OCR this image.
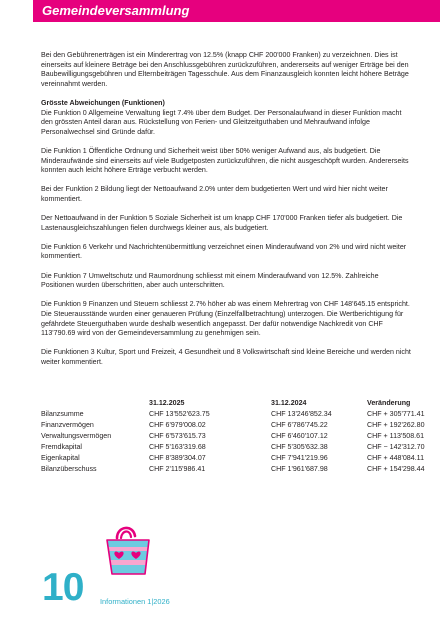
Gemeindeversammlung

Bei den Gebührenerträgen ist ein Minderertrag von 12.5% (knapp CHF 200'000 Franken) zu verzeichnen. Dies ist einerseits auf kleinere Beträge bei den Anschlussgebühren zurückzuführen, andererseits auf weniger Erträge bei den Baubewilligungsgebühren und Elternbeiträgen Tagesschule. Aus dem Finanzausgleich konnten leicht höhere Beträge vereinnahmt werden.

Grösste Abweichungen (Funktionen)

Die Funktion 0 Allgemeine Verwaltung liegt 7.4% über dem Budget. Der Personalaufwand in dieser Funktion macht den grössten Anteil daran aus. Rückstellung von Ferien- und Gleitzeitguthaben und Mehraufwand infolge Personalwechsel sind Gründe dafür.

Die Funktion 1 Öffentliche Ordnung und Sicherheit weist über 50% weniger Aufwand aus, als budgetiert. Die Minderaufwände sind einerseits auf viele Budgetposten zurückzuführen, die nicht ausgeschöpft wurden. Andererseits konnten auch leicht höhere Erträge verbucht werden.

Bei der Funktion 2 Bildung liegt der Nettoaufwand 2.0% unter dem budgetierten Wert und wird hier nicht weiter kommentiert.

Der Nettoaufwand in der Funktion 5 Soziale Sicherheit ist um knapp CHF 170'000 Franken tiefer als budgetiert. Die Lastenausgleichszahlungen fielen durchwegs kleiner aus, als budgetiert.

Die Funktion 6 Verkehr und Nachrichtenübermittlung verzeichnet einen Minderaufwand von 2% und wird nicht weiter kommentiert.

Die Funktion 7 Umweltschutz und Raumordnung schliesst mit einem Minderaufwand von 12.5%. Zahlreiche Positionen wurden überschritten, aber auch unterschritten.

Die Funktion 9 Finanzen und Steuern schliesst 2.7% höher ab was einem Mehrertrag von CHF 148'645.15 entspricht. Die Steuerausstände wurden einer genaueren Prüfung (Einzelfallbetrachtung) unterzogen. Die Wertberichtigung für gefährdete Steuerguthaben wurde deshalb wesentlich angepasst. Der dafür notwendige Nachkredit von CHF 113'790.69 wird von der Gemeindeversammlung zu genehmigen sein.

Die Funktionen 3 Kultur, Sport und Freizeit, 4 Gesundheit und 8 Volkswirtschaft sind kleine Bereiche und werden nicht weiter kommentiert.

	31.12.2025	31.12.2024	Veränderung
Bilanzsumme	CHF 13'552'623.75	CHF 13'246'852.34	CHF + 305'771.41
Finanzvermögen	CHF 6'979'008.02	CHF 6'786'745.22	CHF + 192'262.80
Verwaltungsvermögen	CHF 6'573'615.73	CHF 6'460'107.12	CHF + 113'508.61
Fremdkapital	CHF 5'163'319.68	CHF 5'305'632.38	CHF − 142'312.70
Eigenkapital	CHF 8'389'304.07	CHF 7'941'219.96	CHF + 448'084.11
Bilanzüberschuss	CHF 2'115'986.41	CHF 1'961'687.98	CHF + 154'298.44
10 Informationen 1|2026
